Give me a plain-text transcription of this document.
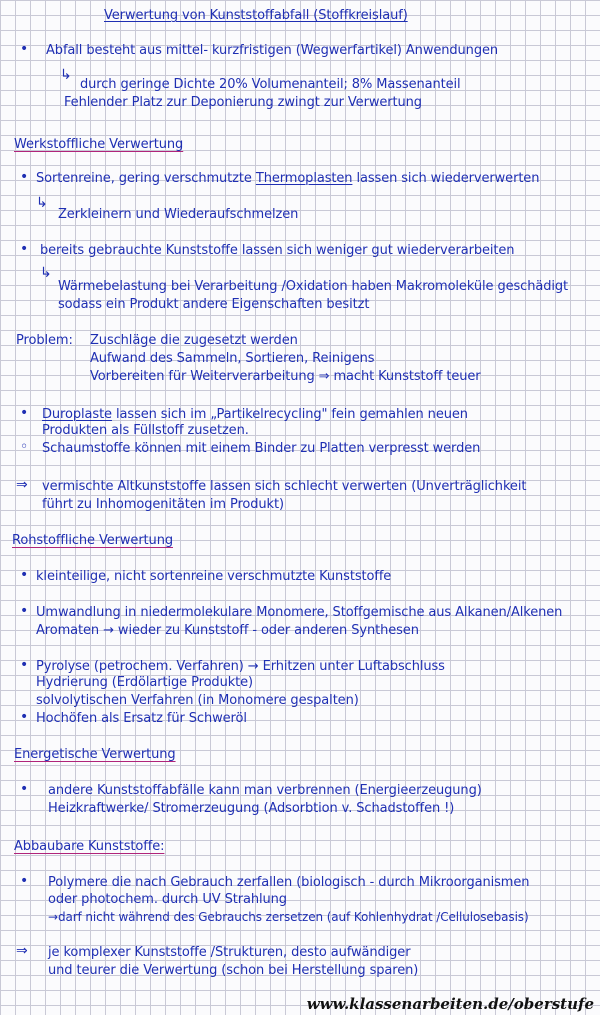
Verwertung von Kunststoffabfall (Stoffkreislauf)
• Abfall besteht aus mittel- kurzfristigen (Wegwerfartikel) Anwendungen
↳
durch geringe Dichte 20% Volumenanteil; 8% Massenanteil
Fehlender Platz zur Deponierung zwingt zur Verwertung
Werkstoffliche Verwertung
• Sortenreine, gering verschmutzte Thermoplasten lassen sich wiederverwerten
↳
Zerkleinern und Wiederaufschmelzen
• bereits gebrauchte Kunststoffe lassen sich weniger gut wiederverarbeiten
↳
Wärmebelastung bei Verarbeitung /Oxidation haben Makromoleküle geschädigt
sodass ein Produkt andere Eigenschaften besitzt
Problem: Zuschläge die zugesetzt werden
Aufwand des Sammeln, Sortieren, Reinigens
Vorbereiten für Weiterverarbeitung ⇒ macht Kunststoff teuer
• Duroplaste lassen sich im „Partikelrecycling" fein gemahlen neuen
Produkten als Füllstoff zusetzen.
◦ Schaumstoffe können mit einem Binder zu Platten verpresst werden
⇒ vermischte Altkunststoffe lassen sich schlecht verwerten (Unverträglichkeit
führt zu Inhomogenitäten im Produkt)
Rohstoffliche Verwertung
• kleinteilige, nicht sortenreine verschmutzte Kunststoffe
• Umwandlung in niedermolekulare Monomere, Stoffgemische aus Alkanen/Alkenen
Aromaten → wieder zu Kunststoff - oder anderen Synthesen
• Pyrolyse (petrochem. Verfahren) → Erhitzen unter Luftabschluss
Hydrierung (Erdölartige Produkte)
solvolytischen Verfahren (in Monomere gespalten)
• Hochöfen als Ersatz für Schweröl
Energetische Verwertung
• andere Kunststoffabfälle kann man verbrennen (Energieerzeugung)
Heizkraftwerke/ Stromerzeugung (Adsorbtion v. Schadstoffen !)
Abbaubare Kunststoffe:
• Polymere die nach Gebrauch zerfallen (biologisch - durch Mikroorganismen
oder photochem. durch UV Strahlung
→darf nicht während des Gebrauchs zersetzen (auf Kohlenhydrat /Cellulosebasis)
⇒ je komplexer Kunststoffe /Strukturen, desto aufwändiger
und teurer die Verwertung (schon bei Herstellung sparen)
www.klassenarbeiten.de/oberstufe
